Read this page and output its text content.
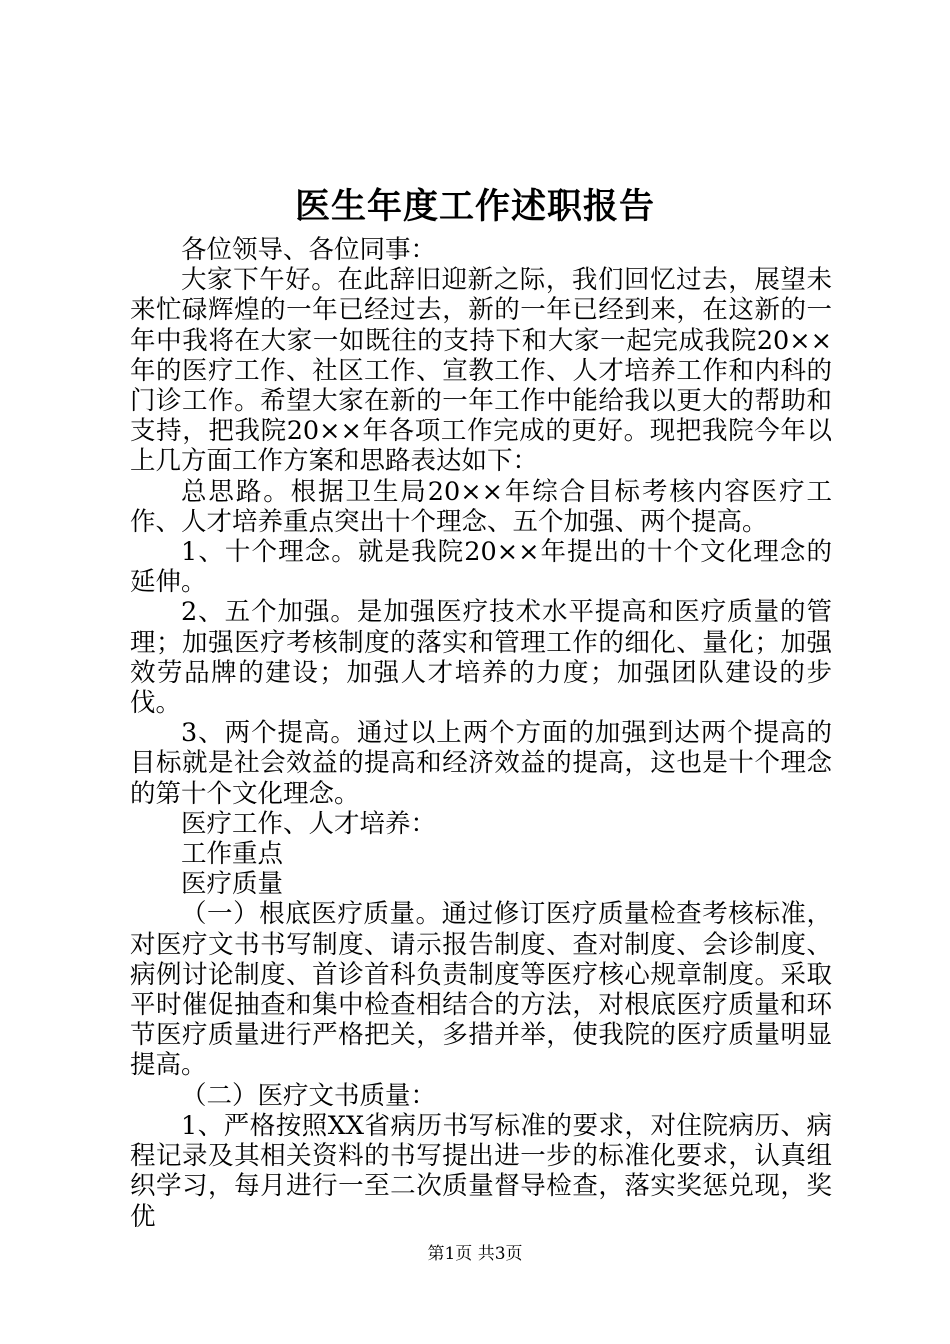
医生年度工作述职报告

各位领导、各位同事：

大家下午好。在此辞旧迎新之际，我们回忆过去，展望未来忙碌辉煌的一年已经过去，新的一年已经到来，在这新的一年中我将在大家一如既往的支持下和大家一起完成我院20××年的医疗工作、社区工作、宣教工作、人才培养工作和内科的门诊工作。希望大家在新的一年工作中能给我以更大的帮助和支持，把我院20××年各项工作完成的更好。现把我院今年以上几方面工作方案和思路表达如下：

总思路。根据卫生局20××年综合目标考核内容医疗工作、人才培养重点突出十个理念、五个加强、两个提高。

1、十个理念。就是我院20××年提出的十个文化理念的延伸。

2、五个加强。是加强医疗技术水平提高和医疗质量的管理；加强医疗考核制度的落实和管理工作的细化、量化；加强效劳品牌的建设；加强人才培养的力度；加强团队建设的步伐。

3、两个提高。通过以上两个方面的加强到达两个提高的目标就是社会效益的提高和经济效益的提高，这也是十个理念的第十个文化理念。

医疗工作、人才培养：

工作重点

医疗质量

（一）根底医疗质量。通过修订医疗质量检查考核标准，对医疗文书书写制度、请示报告制度、查对制度、会诊制度、病例讨论制度、首诊首科负责制度等医疗核心规章制度。采取平时催促抽查和集中检查相结合的方法，对根底医疗质量和环节医疗质量进行严格把关，多措并举，使我院的医疗质量明显提高。

（二）医疗文书质量：

1、严格按照XX省病历书写标准的要求，对住院病历、病程记录及其相关资料的书写提出进一步的标准化要求，认真组织学习，每月进行一至二次质量督导检查，落实奖惩兑现，奖优

第1页 共3页
